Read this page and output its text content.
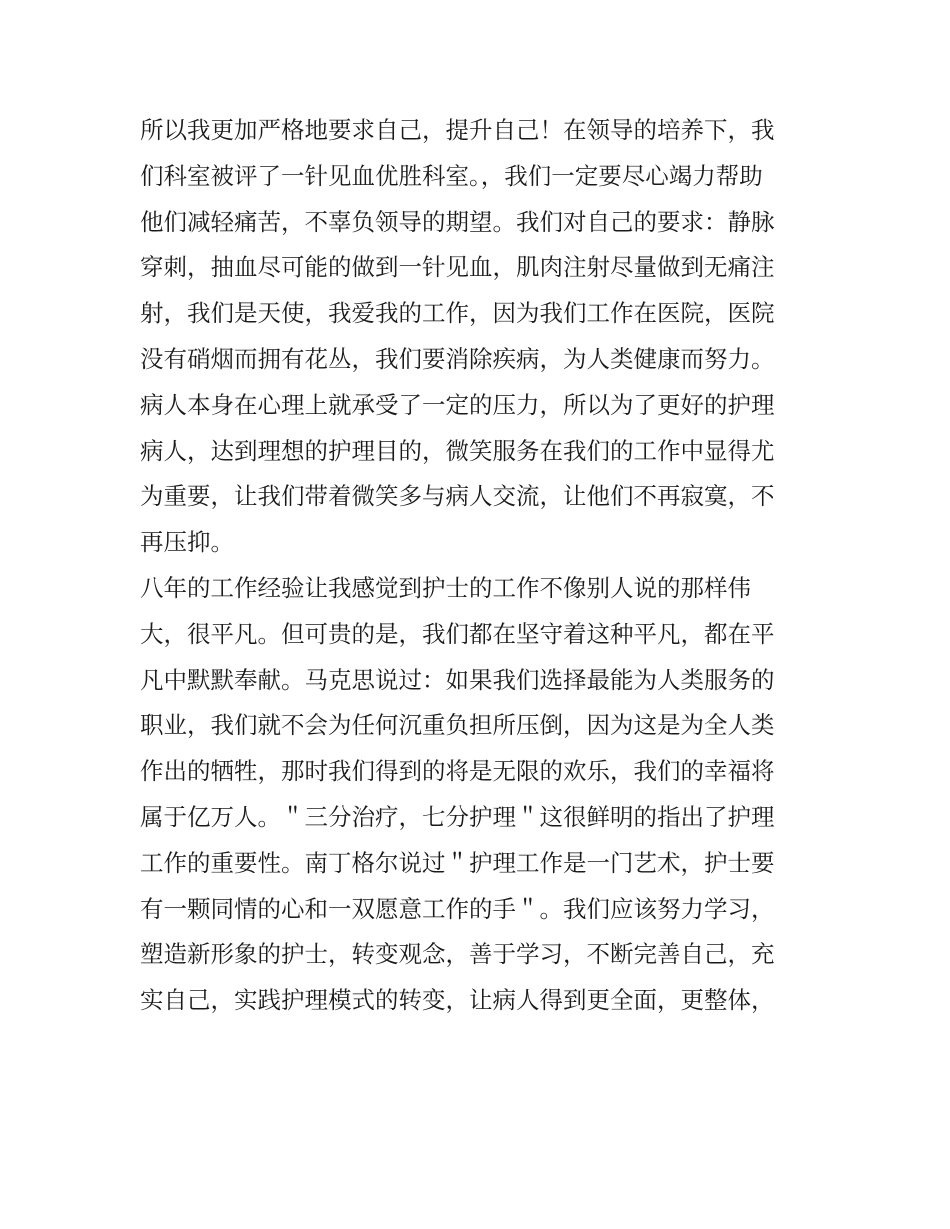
所以我更加严格地要求自己，提升自己！在领导的培养下，我
们科室被评了一针见血优胜科室。，我们一定要尽心竭力帮助
他们减轻痛苦，不辜负领导的期望。我们对自己的要求：静脉
穿刺，抽血尽可能的做到一针见血，肌肉注射尽量做到无痛注
射，我们是天使，我爱我的工作，因为我们工作在医院，医院
没有硝烟而拥有花丛，我们要消除疾病，为人类健康而努力。
病人本身在心理上就承受了一定的压力，所以为了更好的护理
病人，达到理想的护理目的，微笑服务在我们的工作中显得尤
为重要，让我们带着微笑多与病人交流，让他们不再寂寞，不
再压抑。
八年的工作经验让我感觉到护士的工作不像别人说的那样伟
大，很平凡。但可贵的是，我们都在坚守着这种平凡，都在平
凡中默默奉献。马克思说过：如果我们选择最能为人类服务的
职业，我们就不会为任何沉重负担所压倒，因为这是为全人类
作出的牺牲，那时我们得到的将是无限的欢乐，我们的幸福将
属于亿万人。＂三分治疗，七分护理＂这很鲜明的指出了护理
工作的重要性。南丁格尔说过＂护理工作是一门艺术，护士要
有一颗同情的心和一双愿意工作的手＂。我们应该努力学习，
塑造新形象的护士，转变观念，善于学习，不断完善自己，充
实自己，实践护理模式的转变，让病人得到更全面，更整体，
